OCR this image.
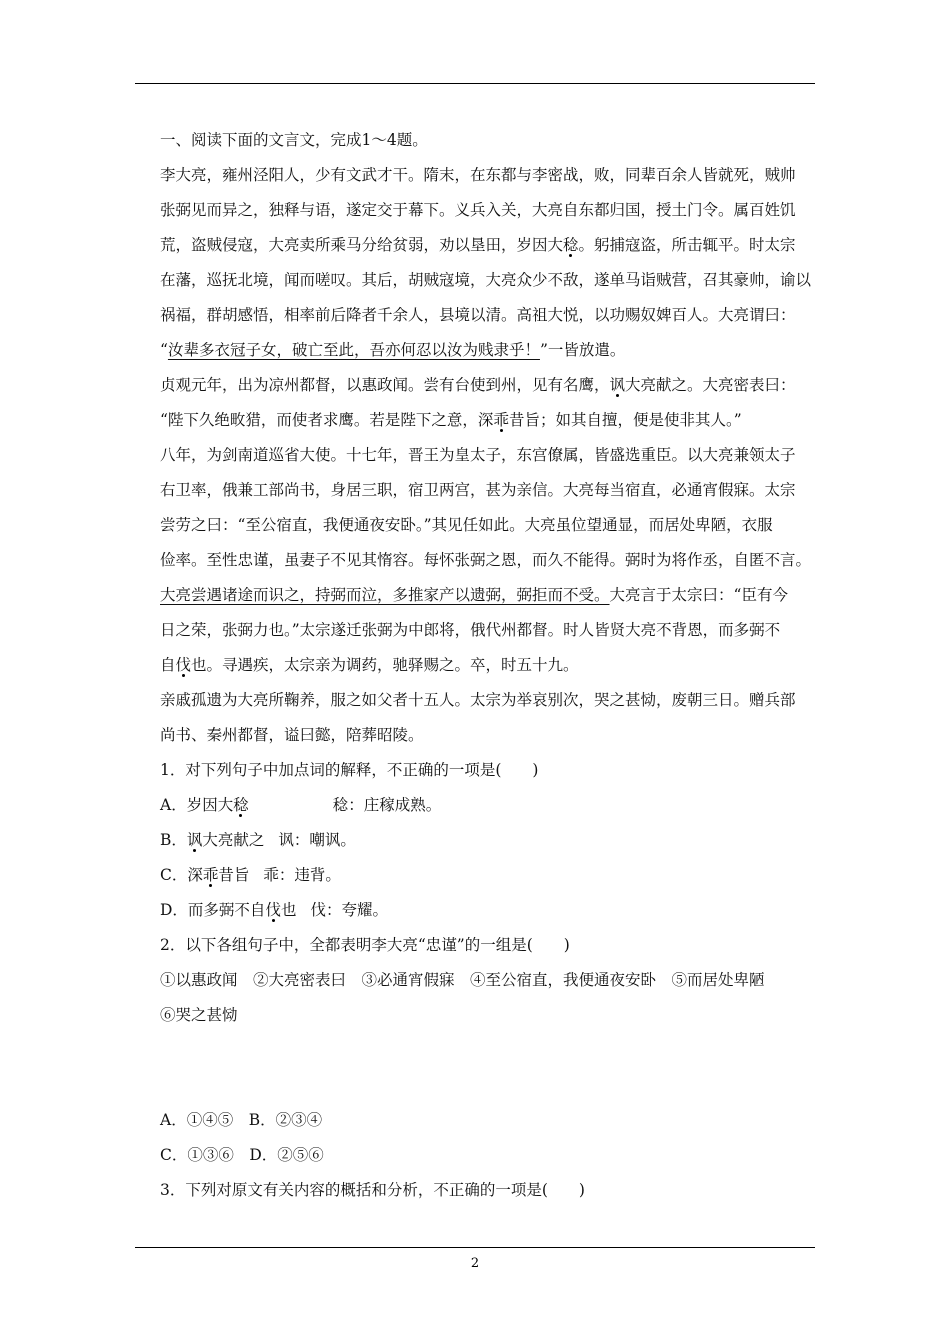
一、阅读下面的文言文，完成1～4题。
李大亮，雍州泾阳人，少有文武才干。隋末，在东都与李密战，败，同辈百余人皆就死，贼帅
张弼见而异之，独释与语，遂定交于幕下。义兵入关，大亮自东都归国，授土门令。属百姓饥
荒，盗贼侵寇，大亮卖所乘马分给贫弱，劝以垦田，岁因大稔。躬捕寇盗，所击辄平。时太宗
在藩，巡抚北境，闻而嗟叹。其后，胡贼寇境，大亮众少不敌，遂单马诣贼营，召其豪帅，谕以
祸福，群胡感悟，相率前后降者千余人，县境以清。高祖大悦，以功赐奴婢百人。大亮谓曰：
“汝辈多衣冠子女，破亡至此，吾亦何忍以汝为贱隶乎！”一皆放遣。
贞观元年，出为凉州都督，以惠政闻。尝有台使到州，见有名鹰，讽大亮献之。大亮密表曰：
“陛下久绝畋猎，而使者求鹰。若是陛下之意，深乖昔旨；如其自擅，便是使非其人。”
八年，为剑南道巡省大使。十七年，晋王为皇太子，东宫僚属，皆盛选重臣。以大亮兼领太子
右卫率，俄兼工部尚书，身居三职，宿卫两宫，甚为亲信。大亮每当宿直，必通宵假寐。太宗
尝劳之曰：“至公宿直，我便通夜安卧。”其见任如此。大亮虽位望通显，而居处卑陋，衣服
俭率。至性忠谨，虽妻子不见其惰容。每怀张弼之恩，而久不能得。弼时为将作丞，自匿不言。
大亮尝遇诸途而识之，持弼而泣，多推家产以遗弼，弼拒而不受。大亮言于太宗曰：“臣有今
日之荣，张弼力也。”太宗遂迁张弼为中郎将，俄代州都督。时人皆贤大亮不背恩，而多弼不
自伐也。寻遇疾，太宗亲为调药，驰驿赐之。卒，时五十九。
亲戚孤遗为大亮所鞠养，服之如父者十五人。太宗为举哀别次，哭之甚恸，废朝三日。赠兵部
尚书、秦州都督，谥曰懿，陪葬昭陵。
1．对下列句子中加点词的解释，不正确的一项是(　　)
A．岁因大稔	稔：庄稼成熟。
B．讽大亮献之 讽：嘲讽。
C．深乖昔旨 乖：违背。
D．而多弼不自伐也 伐：夸耀。
2．以下各组句子中，全都表明李大亮“忠谨”的一组是(　　)
①以惠政闻　②大亮密表曰　③必通宵假寐　④至公宿直，我便通夜安卧　⑤而居处卑陋
⑥哭之甚恸
A．①④⑤　B．②③④
C．①③⑥　D．②⑤⑥
3．下列对原文有关内容的概括和分析，不正确的一项是(　　)
2
